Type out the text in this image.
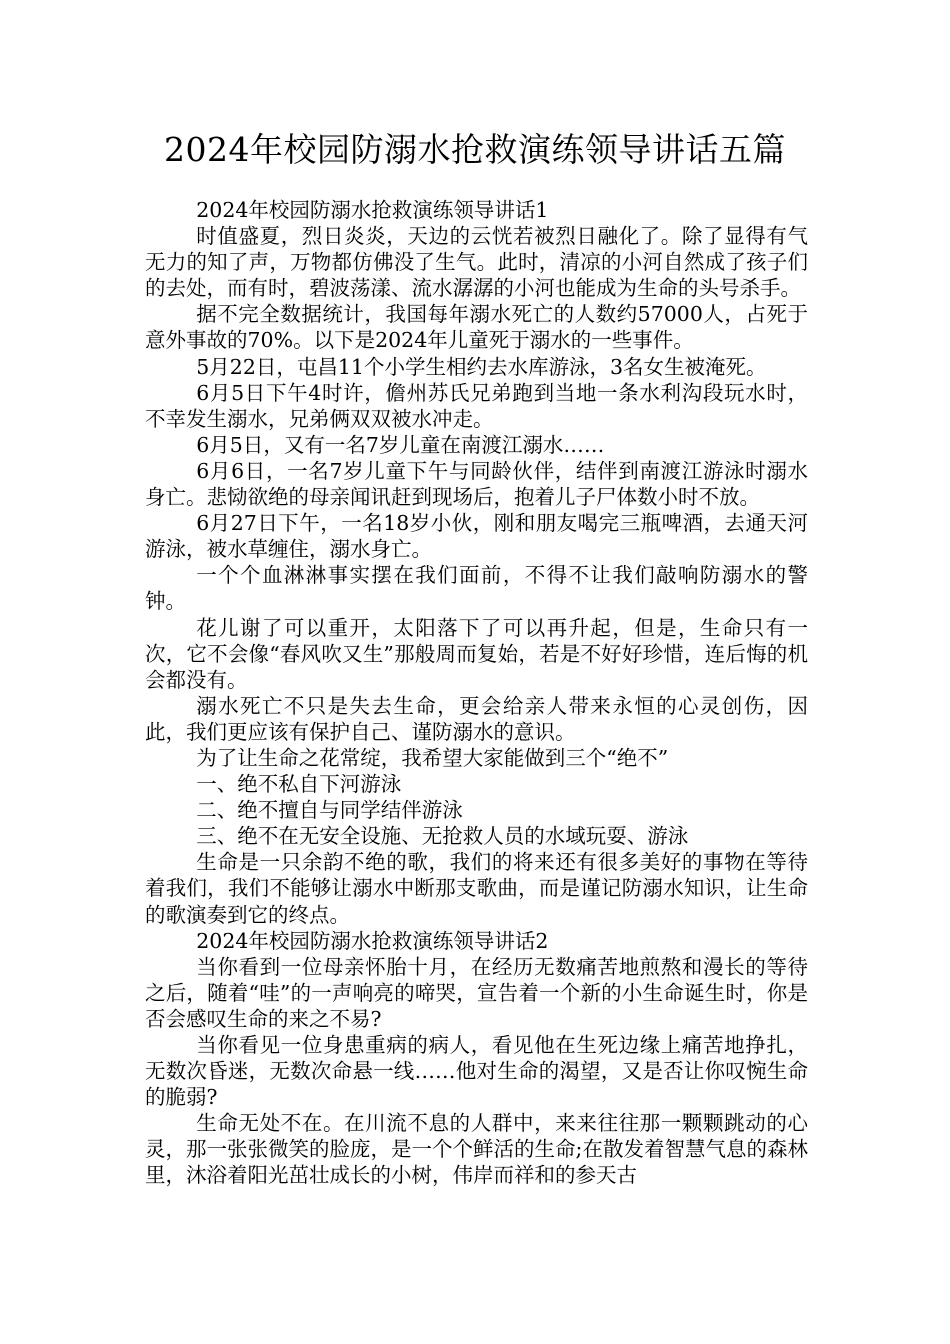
2024年校园防溺水抢救演练领导讲话五篇

2024年校园防溺水抢救演练领导讲话1

时值盛夏，烈日炎炎，天边的云恍若被烈日融化了。除了显得有气无力的知了声，万物都仿佛没了生气。此时，清凉的小河自然成了孩子们的去处，而有时，碧波荡漾、流水潺潺的小河也能成为生命的头号杀手。

据不完全数据统计，我国每年溺水死亡的人数约57000人，占死于意外事故的70%。以下是2024年儿童死于溺水的一些事件。

5月22日，屯昌11个小学生相约去水库游泳，3名女生被淹死。

6月5日下午4时许，儋州苏氏兄弟跑到当地一条水利沟段玩水时，不幸发生溺水，兄弟俩双双被水冲走。

6月5日，又有一名7岁儿童在南渡江溺水……

6月6日，一名7岁儿童下午与同龄伙伴，结伴到南渡江游泳时溺水身亡。悲恸欲绝的母亲闻讯赶到现场后，抱着儿子尸体数小时不放。

6月27日下午，一名18岁小伙，刚和朋友喝完三瓶啤酒，去通天河游泳，被水草缠住，溺水身亡。

一个个血淋淋事实摆在我们面前，不得不让我们敲响防溺水的警钟。

花儿谢了可以重开，太阳落下了可以再升起，但是，生命只有一次，它不会像“春风吹又生”那般周而复始，若是不好好珍惜，连后悔的机会都没有。

溺水死亡不只是失去生命，更会给亲人带来永恒的心灵创伤，因此，我们更应该有保护自己、谨防溺水的意识。

为了让生命之花常绽，我希望大家能做到三个“绝不”

一、绝不私自下河游泳

二、绝不擅自与同学结伴游泳

三、绝不在无安全设施、无抢救人员的水域玩耍、游泳

生命是一只余韵不绝的歌，我们的将来还有很多美好的事物在等待着我们，我们不能够让溺水中断那支歌曲，而是谨记防溺水知识，让生命的歌演奏到它的终点。

2024年校园防溺水抢救演练领导讲话2

当你看到一位母亲怀胎十月，在经历无数痛苦地煎熬和漫长的等待之后，随着“哇”的一声响亮的啼哭，宣告着一个新的小生命诞生时，你是否会感叹生命的来之不易?

当你看见一位身患重病的病人，看见他在生死边缘上痛苦地挣扎，无数次昏迷，无数次命悬一线……他对生命的渴望，又是否让你叹惋生命的脆弱?

生命无处不在。在川流不息的人群中，来来往往那一颗颗跳动的心灵，那一张张微笑的脸庞，是一个个鲜活的生命;在散发着智慧气息的森林里，沐浴着阳光茁壮成长的小树，伟岸而祥和的参天古
